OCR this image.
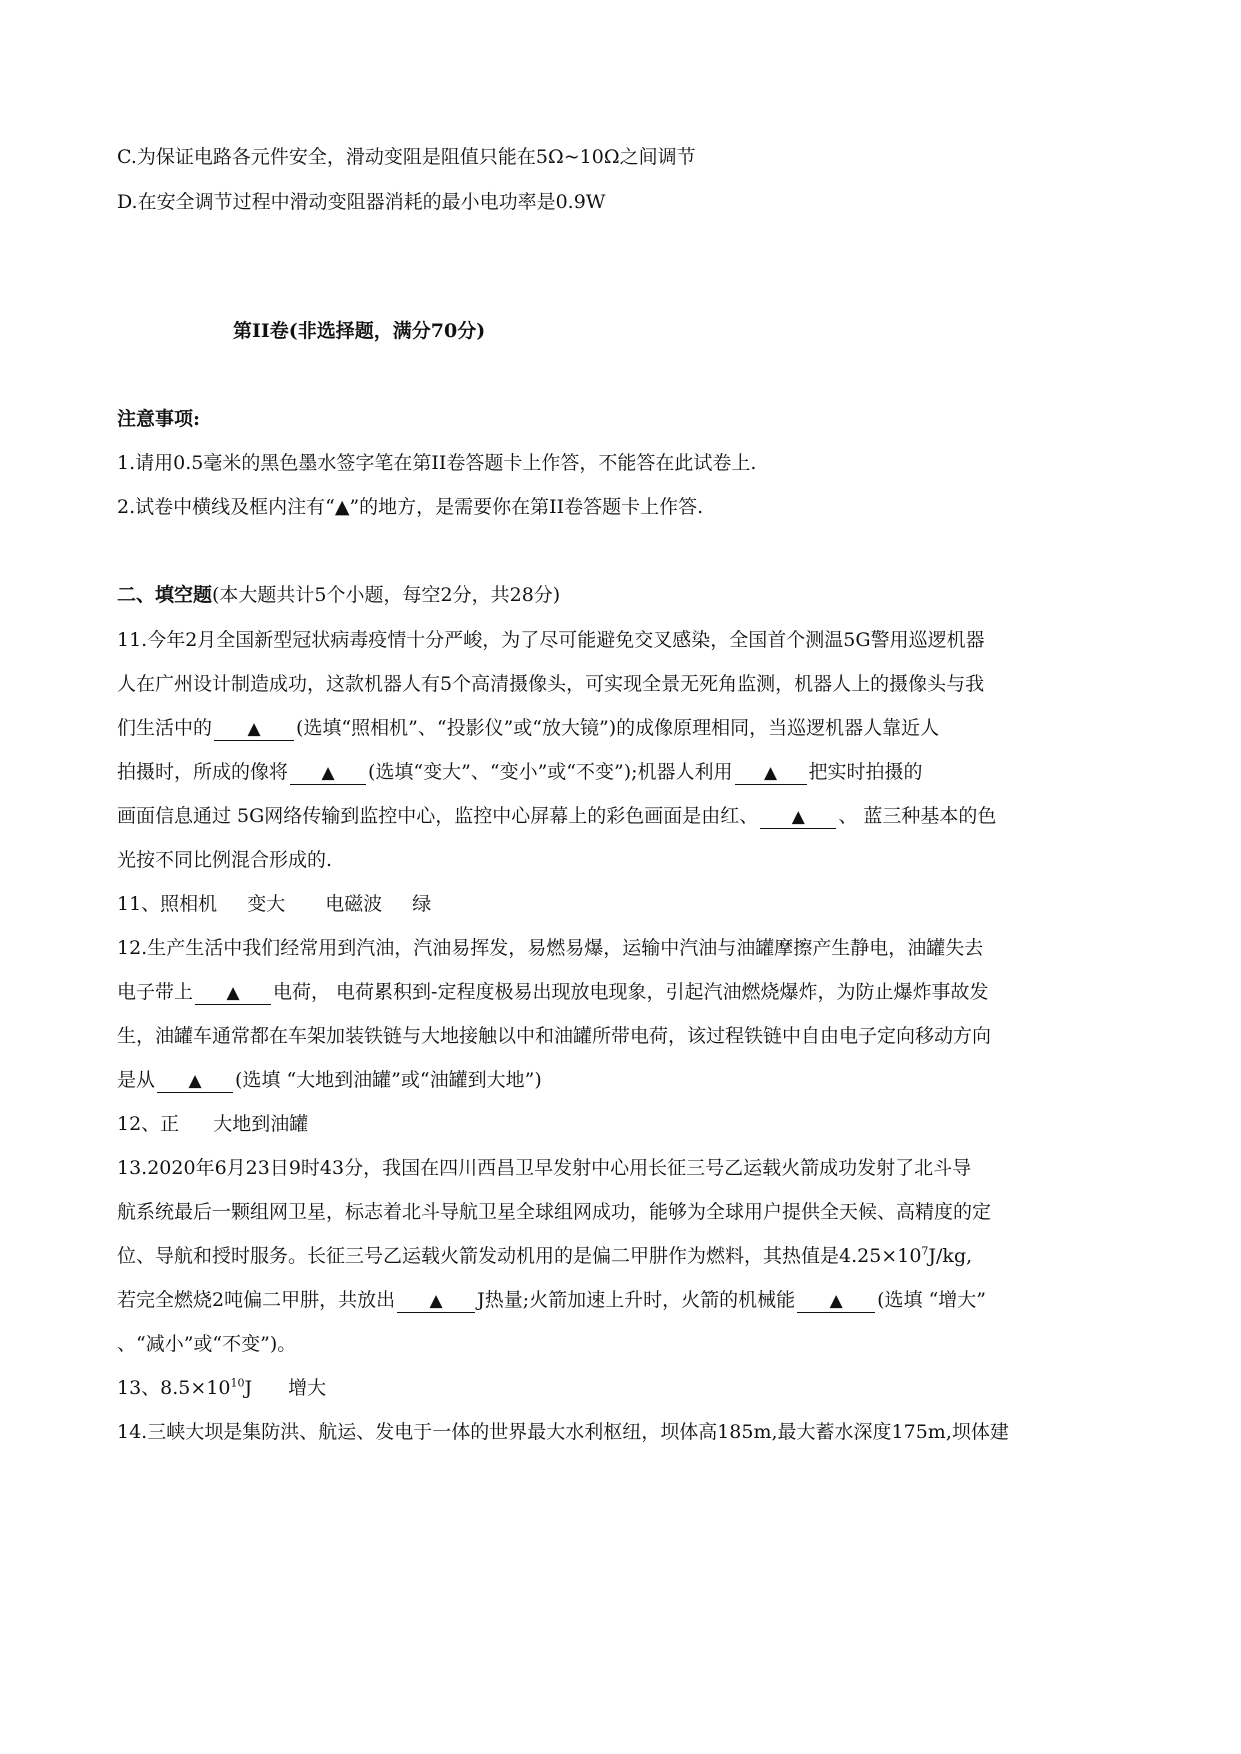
C.为保证电路各元件安全，滑动变阻是阻值只能在5Ω~10Ω之间调节
D.在安全调节过程中滑动变阻器消耗的最小电功率是0.9W
第II卷(非选择题，满分70分)
注意事项:
1.请用0.5毫米的黑色墨水签字笔在第II卷答题卡上作答，不能答在此试卷上.
2.试卷中横线及框内注有“▲”的地方，是需要你在第II卷答题卡上作答.
二、填空题(本大题共计5个小题，每空2分，共28分)
11.今年2月全国新型冠状病毒疫情十分严峻，为了尽可能避免交叉感染，全国首个测温5G警用巡逻机器
人在广州设计制造成功，这款机器人有5个高清摄像头，可实现全景无死角监测，机器人上的摄像头与我
们生活中的 ▲ (选填“照相机”、“投影仪”或“放大镜”)的成像原理相同，当巡逻机器人靠近人
拍摄时，所成的像将 ▲ (选填“变大”、“变小”或“不变”);机器人利用 ▲ 把实时拍摄的
画面信息通过 5G网络传输到监控中心，监控中心屏幕上的彩色画面是由红、 ▲ 、 蓝三种基本的色
光按不同比例混合形成的.
11、照相机 变大 电磁波 绿
12.生产生活中我们经常用到汽油，汽油易挥发，易燃易爆，运输中汽油与油罐摩擦产生静电，油罐失去
电子带上 ▲ 电荷， 电荷累积到-定程度极易出现放电现象，引起汽油燃烧爆炸，为防止爆炸事故发
生，油罐车通常都在车架加装铁链与大地接触以中和油罐所带电荷，该过程铁链中自由电子定向移动方向
是从 ▲ (选填 “大地到油罐”或“油罐到大地”)
12、正 大地到油罐
13.2020年6月23日9时43分，我国在四川西昌卫早发射中心用长征三号乙运载火箭成功发射了北斗导
航系统最后一颗组网卫星，标志着北斗导航卫星全球组网成功，能够为全球用户提供全天候、高精度的定
位、导航和授时服务。长征三号乙运载火箭发动机用的是偏二甲肼作为燃料，其热值是$4.25\times 10^7J/kg$,
若完全燃烧2吨偏二甲肼，共放出 ▲ J热量;火箭加速上升时，火箭的机械能 ▲ (选填 “增大”
、“减小”或“不变”)。
13、$8.5\times 10^{10}J$ 增大
14.三峡大坝是集防洪、航运、发电于一体的世界最大水利枢纽，坝体高185m,最大蓄水深度175m,坝体建
